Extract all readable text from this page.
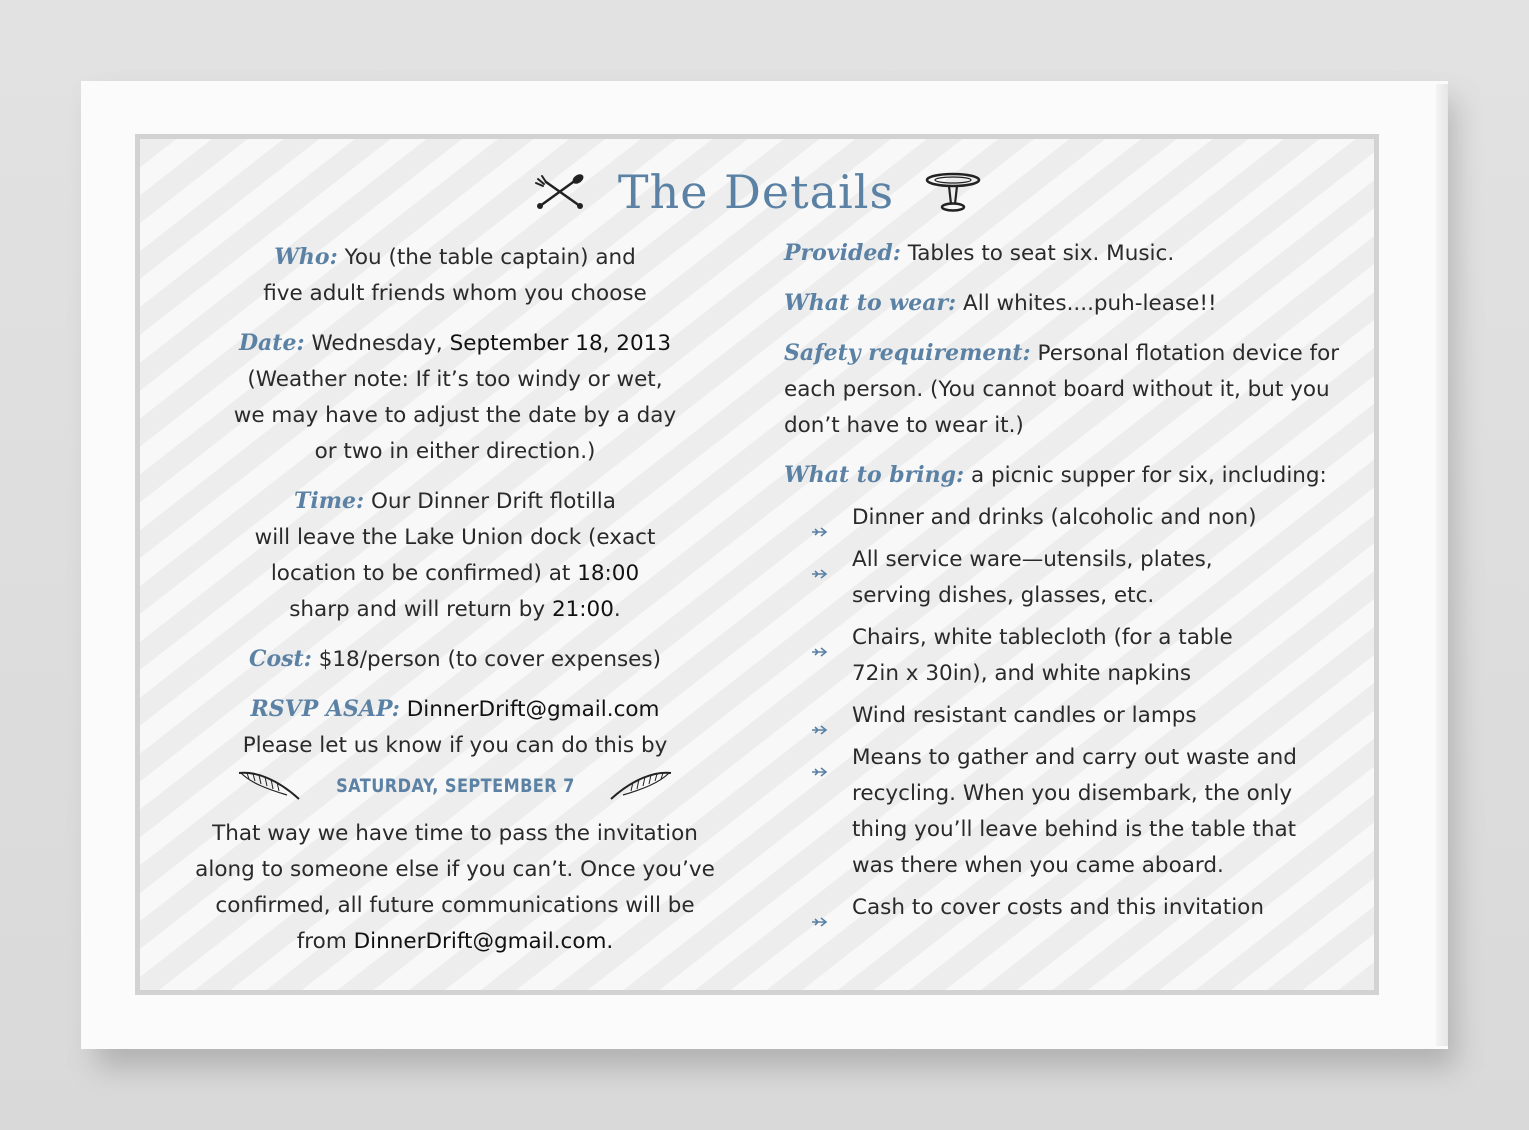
The Details
Who: You (the table captain) and
five adult friends whom you choose
Date: Wednesday, September 18, 2013
(Weather note: If it’s too windy or wet,
we may have to adjust the date by a day
or two in either direction.)
Time: Our Dinner Drift flotilla
will leave the Lake Union dock (exact
location to be confirmed) at 18:00
sharp and will return by 21:00.
Cost: $18/person (to cover expenses)
RSVP ASAP: DinnerDrift@gmail.com
Please let us know if you can do this by
SATURDAY, SEPTEMBER 7
That way we have time to pass the invitation
along to someone else if you can’t. Once you’ve
confirmed, all future communications will be
from DinnerDrift@gmail.com.
Provided: Tables to seat six. Music.
What to wear: All whites....puh-lease!!
Safety requirement: Personal flotation device for
each person. (You cannot board without it, but you
don’t have to wear it.)
What to bring: a picnic supper for six, including:
Dinner and drinks (alcoholic and non)
All service ware—utensils, plates,
serving dishes, glasses, etc.
Chairs, white tablecloth (for a table
72in x 30in), and white napkins
Wind resistant candles or lamps
Means to gather and carry out waste and
recycling. When you disembark, the only
thing you’ll leave behind is the table that
was there when you came aboard.
Cash to cover costs and this invitation
